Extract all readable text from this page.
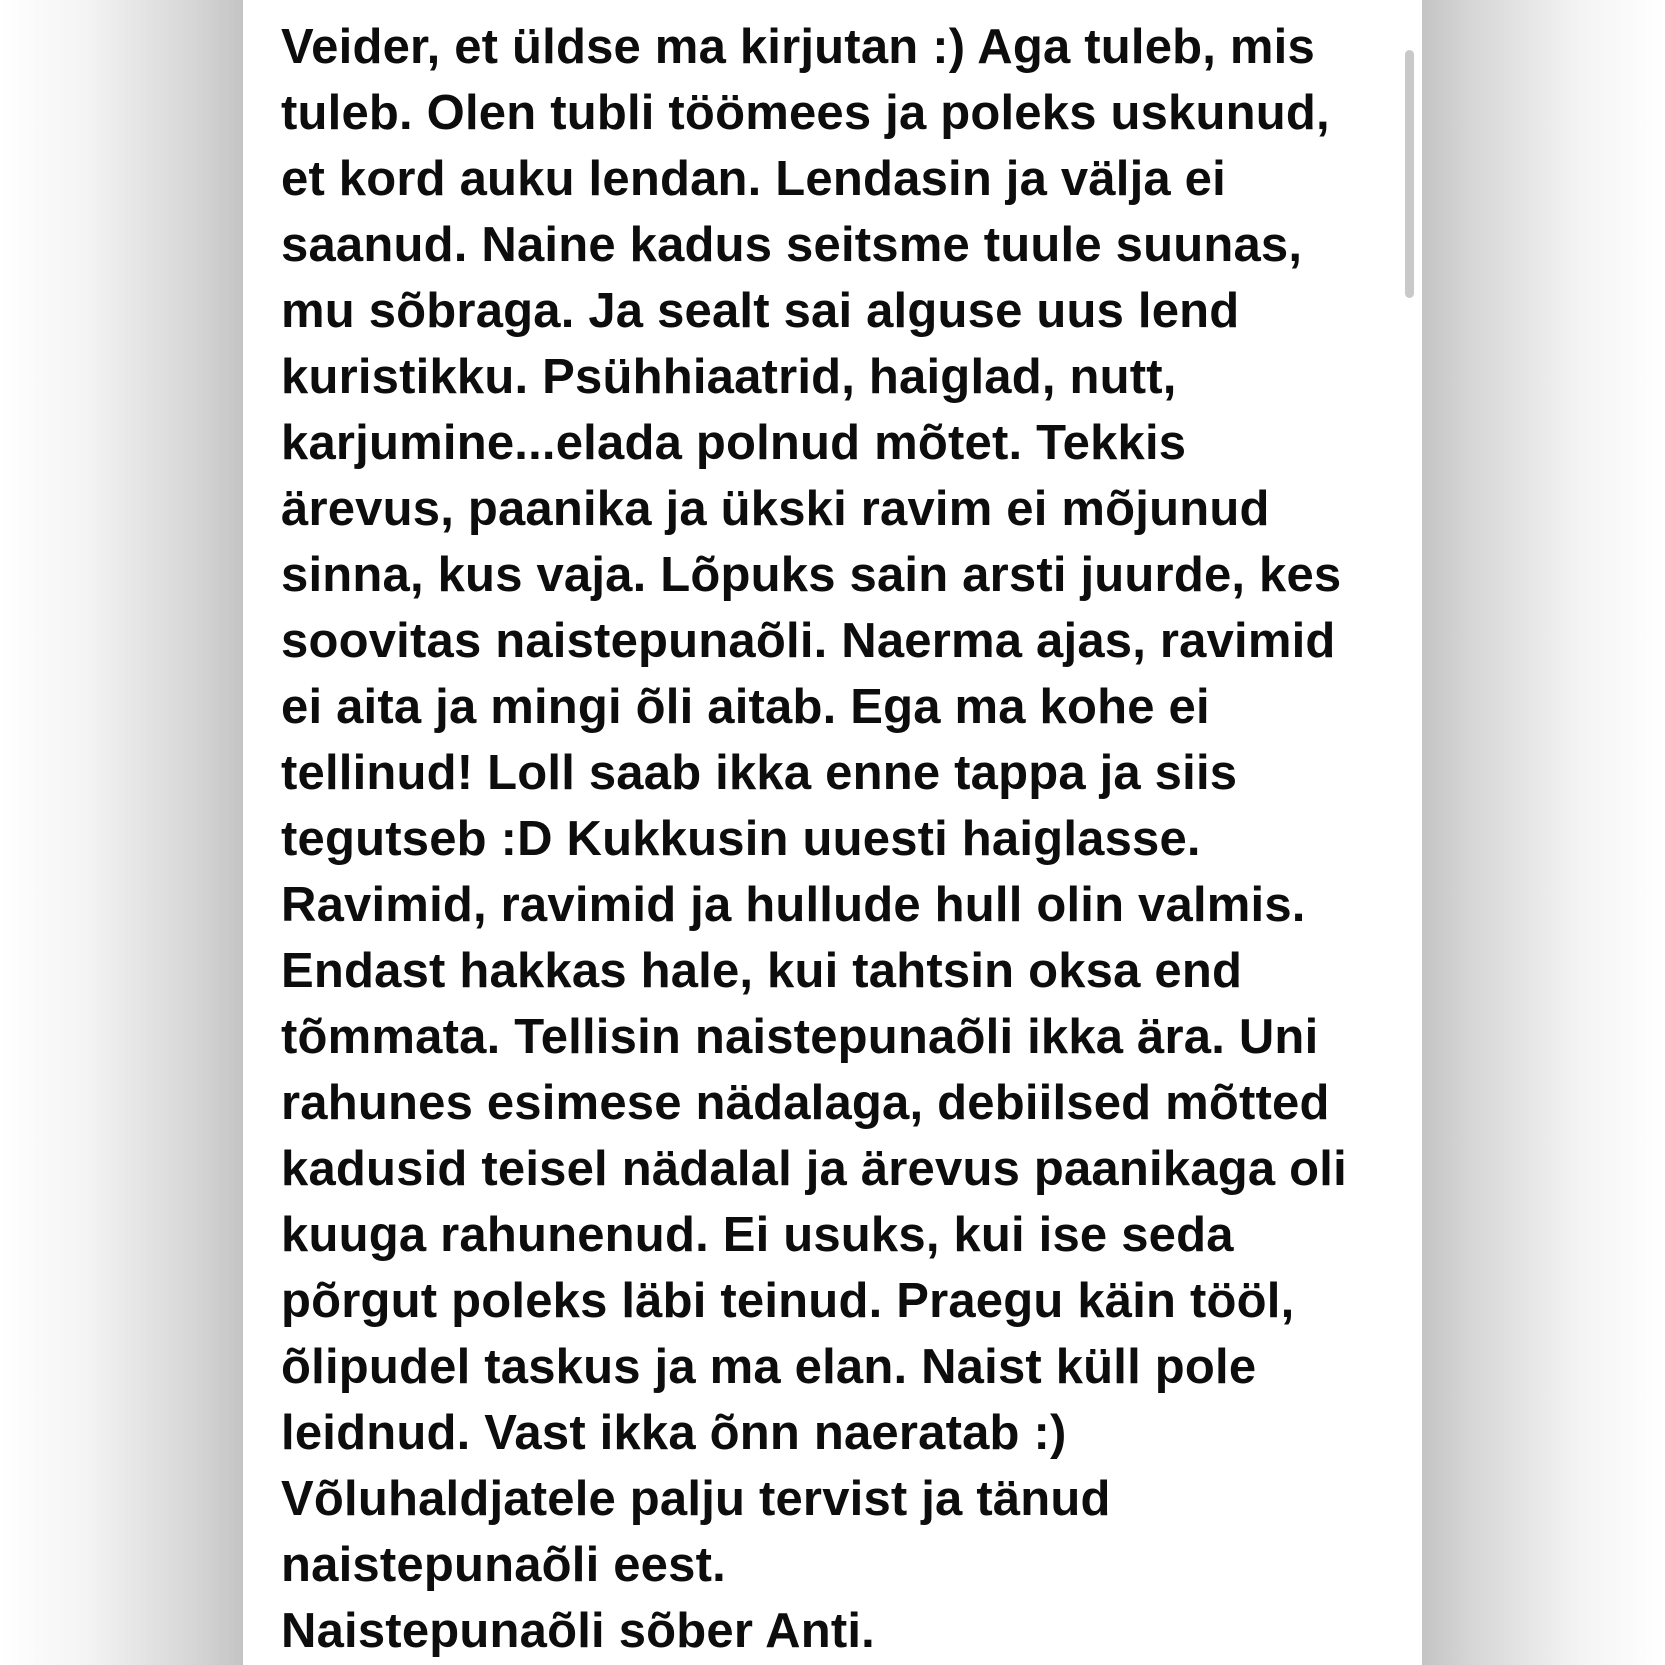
Veider, et üldse ma kirjutan :) Aga tuleb, mis
tuleb. Olen tubli töömees ja poleks uskunud,
et kord auku lendan. Lendasin ja välja ei
saanud. Naine kadus seitsme tuule suunas,
mu sõbraga. Ja sealt sai alguse uus lend
kuristikku. Psühhiaatrid, haiglad, nutt,
karjumine...elada polnud mõtet. Tekkis
ärevus, paanika ja ükski ravim ei mõjunud
sinna, kus vaja. Lõpuks sain arsti juurde, kes
soovitas naistepunaõli. Naerma ajas, ravimid
ei aita ja mingi õli aitab. Ega ma kohe ei
tellinud! Loll saab ikka enne tappa ja siis
tegutseb :D Kukkusin uuesti haiglasse.
Ravimid, ravimid ja hullude hull olin valmis.
Endast hakkas hale, kui tahtsin oksa end
tõmmata. Tellisin naistepunaõli ikka ära. Uni
rahunes esimese nädalaga, debiilsed mõtted
kadusid teisel nädalal ja ärevus paanikaga oli
kuuga rahunenud. Ei usuks, kui ise seda
põrgut poleks läbi teinud. Praegu käin tööl,
õlipudel taskus ja ma elan. Naist küll pole
leidnud. Vast ikka õnn naeratab :)
Võluhaldjatele palju tervist ja tänud
naistepunaõli eest.
Naistepunaõli sõber Anti.
